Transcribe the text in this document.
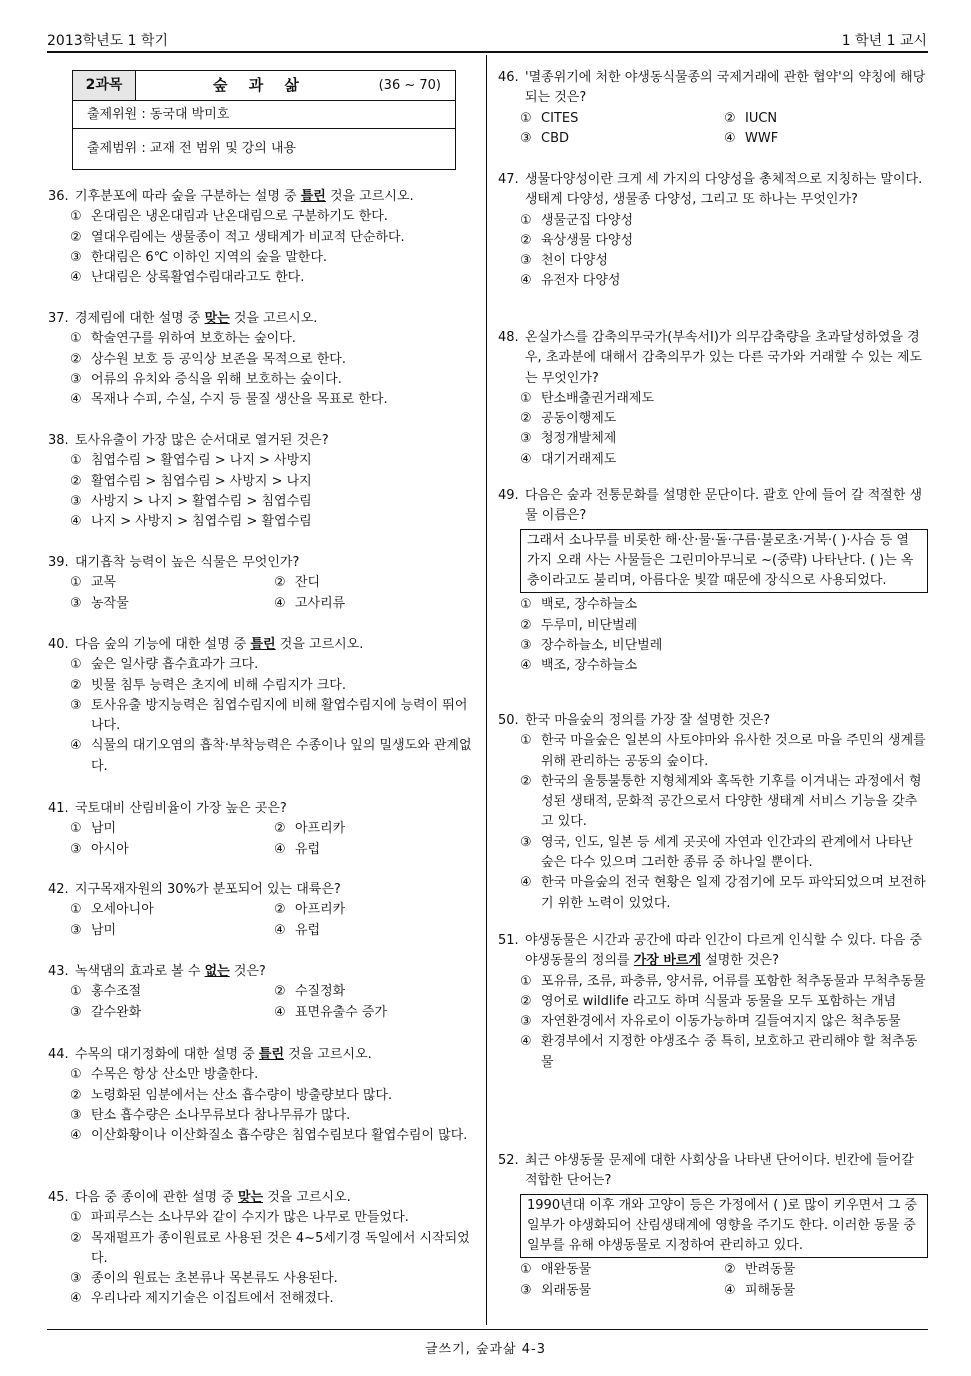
2013학년도 1 학기	1 학년 1 교시
글쓰기, 숲과삶 4-3
2과목	숲 과 삶	(36 ~ 70)
출제위원 : 동국대 박미호
출제범위 : 교재 전 범위 및 강의 내용
36. 기후분포에 따라 숲을 구분하는 설명 중 틀린 것을 고르시오.
① 온대림은 냉온대림과 난온대림으로 구분하기도 한다.
② 열대우림에는 생물종이 적고 생태계가 비교적 단순하다.
③ 한대림은 6℃ 이하인 지역의 숲을 말한다.
④ 난대림은 상록활엽수림대라고도 한다.
37. 경제림에 대한 설명 중 맞는 것을 고르시오.
① 학술연구를 위하여 보호하는 숲이다.
② 상수원 보호 등 공익상 보존을 목적으로 한다.
③ 어류의 유치와 증식을 위해 보호하는 숲이다.
④ 목재나 수피, 수실, 수지 등 물질 생산을 목표로 한다.
38. 토사유출이 가장 많은 순서대로 열거된 것은?
① 침엽수림 > 활엽수림 > 나지 > 사방지
② 활엽수림 > 침엽수림 > 사방지 > 나지
③ 사방지 > 나지 > 활엽수림 > 침엽수림
④ 나지 > 사방지 > 침엽수림 > 활엽수림
39. 대기흡착 능력이 높은 식물은 무엇인가?
① 교목	② 잔디
③ 농작물	④ 고사리류
40. 다음 숲의 기능에 대한 설명 중 틀린 것을 고르시오.
① 숲은 일사량 흡수효과가 크다.
② 빗물 침투 능력은 초지에 비해 수림지가 크다.
③ 토사유출 방지능력은 침엽수림지에 비해 활엽수림지에 능력이 뛰어나다.
④ 식물의 대기오염의 흡착·부착능력은 수종이나 잎의 밀생도와 관계없다.
41. 국토대비 산림비율이 가장 높은 곳은?
① 남미	② 아프리카
③ 아시아	④ 유럽
42. 지구목재자원의 30%가 분포되어 있는 대륙은?
① 오세아니아	② 아프리카
③ 남미	④ 유럽
43. 녹색댐의 효과로 볼 수 없는 것은?
① 홍수조절	② 수질정화
③ 갈수완화	④ 표면유출수 증가
44. 수목의 대기정화에 대한 설명 중 틀린 것을 고르시오.
① 수목은 항상 산소만 방출한다.
② 노령화된 임분에서는 산소 흡수량이 방출량보다 많다.
③ 탄소 흡수량은 소나무류보다 참나무류가 많다.
④ 이산화황이나 이산화질소 흡수량은 침엽수림보다 활엽수림이 많다.
45. 다음 중 종이에 관한 설명 중 맞는 것을 고르시오.
① 파피루스는 소나무와 같이 수지가 많은 나무로 만들었다.
② 목재펄프가 종이원료로 사용된 것은 4~5세기경 독일에서 시작되었다.
③ 종이의 원료는 초본류나 목본류도 사용된다.
④ 우리나라 제지기술은 이집트에서 전해졌다.
46. '멸종위기에 처한 야생동식물종의 국제거래에 관한 협약'의 약칭에 해당되는 것은?
① CITES	② IUCN
③ CBD	④ WWF
47. 생물다양성이란 크게 세 가지의 다양성을 총체적으로 지칭하는 말이다. 생태계 다양성, 생물종 다양성, 그리고 또 하나는 무엇인가?
① 생물군집 다양성
② 육상생물 다양성
③ 천이 다양성
④ 유전자 다양성
48. 온실가스를 감축의무국가(부속서Ⅰ)가 의무감축량을 초과달성하였을 경우, 초과분에 대해서 감축의무가 있는 다른 국가와 거래할 수 있는 제도는 무엇인가?
① 탄소배출권거래제도
② 공동이행제도
③ 청정개발체제
④ 대기거래제도
49. 다음은 숲과 전통문화를 설명한 문단이다. 괄호 안에 들어 갈 적절한 생물 이름은?
그래서 소나무를 비롯한 해·산·물·돌·구름·불로초·거북·( )·사슴 등 열 가지 오래 사는 사물들은 그린미아무늬로 ~(중략) 나타난다. ( )는 옥충이라고도 불리며, 아름다운 빛깔 때문에 장식으로 사용되었다.
① 백로, 장수하늘소
② 두루미, 비단벌레
③ 장수하늘소, 비단벌레
④ 백조, 장수하늘소
50. 한국 마을숲의 정의를 가장 잘 설명한 것은?
① 한국 마을숲은 일본의 사토야마와 유사한 것으로 마을 주민의 생계를 위해 관리하는 공동의 숲이다.
② 한국의 울퉁불퉁한 지형체계와 혹독한 기후를 이겨내는 과정에서 형성된 생태적, 문화적 공간으로서 다양한 생태계 서비스 기능을 갖추고 있다.
③ 영국, 인도, 일본 등 세계 곳곳에 자연과 인간과의 관계에서 나타난 숲은 다수 있으며 그러한 종류 중 하나일 뿐이다.
④ 한국 마을숲의 전국 현황은 일제 강점기에 모두 파악되었으며 보전하기 위한 노력이 있었다.
51. 야생동물은 시간과 공간에 따라 인간이 다르게 인식할 수 있다. 다음 중 야생동물의 정의를 가장 바르게 설명한 것은?
① 포유류, 조류, 파충류, 양서류, 어류를 포함한 척추동물과 무척추동물
② 영어로 wildlife 라고도 하며 식물과 동물을 모두 포함하는 개념
③ 자연환경에서 자유로이 이동가능하며 길들여지지 않은 척추동물
④ 환경부에서 지정한 야생조수 중 특히, 보호하고 관리해야 할 척추동물
52. 최근 야생동물 문제에 대한 사회상을 나타낸 단어이다. 빈칸에 들어갈 적합한 단어는?
1990년대 이후 개와 고양이 등은 가정에서 ( )로 많이 키우면서 그 중 일부가 야생화되어 산림생태계에 영향을 주기도 한다. 이러한 동물 중 일부를 유해 야생동물로 지정하여 관리하고 있다.
① 애완동물	② 반려동물
③ 외래동물	④ 피해동물
